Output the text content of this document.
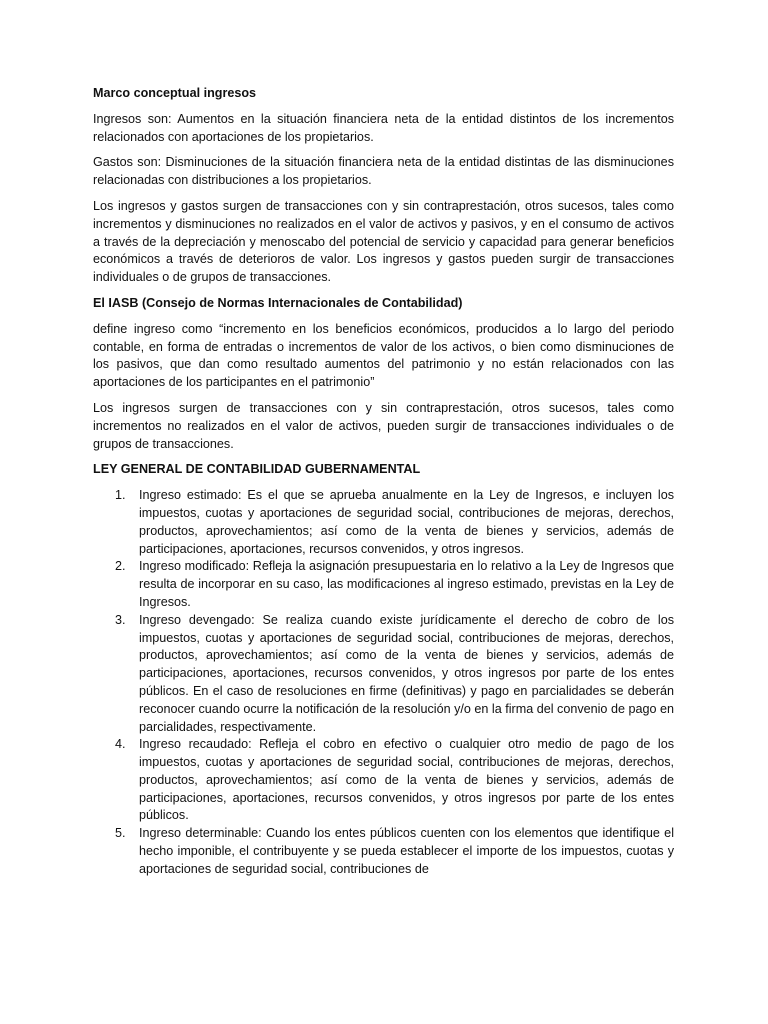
Marco conceptual ingresos
Ingresos son: Aumentos en la situación financiera neta de la entidad distintos de los incrementos relacionados con aportaciones de los propietarios.
Gastos son: Disminuciones de la situación financiera neta de la entidad distintas de las disminuciones relacionadas con distribuciones a los propietarios.
Los ingresos y gastos surgen de transacciones con y sin contraprestación, otros sucesos, tales como incrementos y disminuciones no realizados en el valor de activos y pasivos, y en el consumo de activos a través de la depreciación y menoscabo del potencial de servicio y capacidad para generar beneficios económicos a través de deterioros de valor. Los ingresos y gastos pueden surgir de transacciones individuales o de grupos de transacciones.
El IASB (Consejo de Normas Internacionales de Contabilidad)
define ingreso como “incremento en los beneficios económicos, producidos a lo largo del periodo contable, en forma de entradas o incrementos de valor de los activos, o bien como disminuciones de los pasivos, que dan como resultado aumentos del patrimonio y no están relacionados con las aportaciones de los participantes en el patrimonio”
Los ingresos surgen de transacciones con y sin contraprestación, otros sucesos, tales como incrementos no realizados en el valor de activos, pueden surgir de transacciones individuales o de grupos de transacciones.
LEY GENERAL DE CONTABILIDAD GUBERNAMENTAL
1. Ingreso estimado: Es el que se aprueba anualmente en la Ley de Ingresos, e incluyen los impuestos, cuotas y aportaciones de seguridad social, contribuciones de mejoras, derechos, productos, aprovechamientos; así como de la venta de bienes y servicios, además de participaciones, aportaciones, recursos convenidos, y otros ingresos.
2. Ingreso modificado: Refleja la asignación presupuestaria en lo relativo a la Ley de Ingresos que resulta de incorporar en su caso, las modificaciones al ingreso estimado, previstas en la Ley de Ingresos.
3. Ingreso devengado: Se realiza cuando existe jurídicamente el derecho de cobro de los impuestos, cuotas y aportaciones de seguridad social, contribuciones de mejoras, derechos, productos, aprovechamientos; así como de la venta de bienes y servicios, además de participaciones, aportaciones, recursos convenidos, y otros ingresos por parte de los entes públicos. En el caso de resoluciones en firme (definitivas) y pago en parcialidades se deberán reconocer cuando ocurre la notificación de la resolución y/o en la firma del convenio de pago en parcialidades, respectivamente.
4. Ingreso recaudado: Refleja el cobro en efectivo o cualquier otro medio de pago de los impuestos, cuotas y aportaciones de seguridad social, contribuciones de mejoras, derechos, productos, aprovechamientos; así como de la venta de bienes y servicios, además de participaciones, aportaciones, recursos convenidos, y otros ingresos por parte de los entes públicos.
5. Ingreso determinable: Cuando los entes públicos cuenten con los elementos que identifique el hecho imponible, el contribuyente y se pueda establecer el importe de los impuestos, cuotas y aportaciones de seguridad social, contribuciones de
